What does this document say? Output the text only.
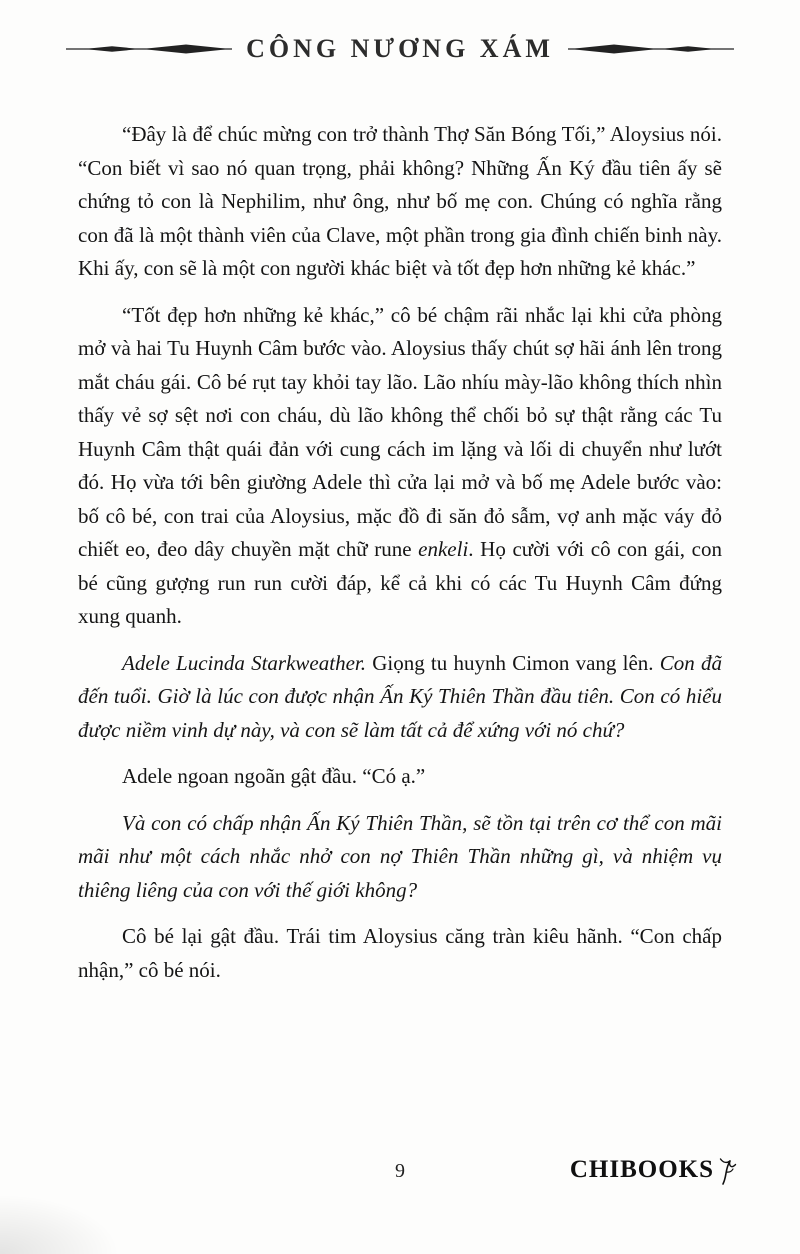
CÔNG NƯƠNG XÁM

“Đây là để chúc mừng con trở thành Thợ Săn Bóng Tối,” Aloysius nói. “Con biết vì sao nó quan trọng, phải không? Những Ấn Ký đầu tiên ấy sẽ chứng tỏ con là Nephilim, như ông, như bố mẹ con. Chúng có nghĩa rằng con đã là một thành viên của Clave, một phần trong gia đình chiến binh này. Khi ấy, con sẽ là một con người khác biệt và tốt đẹp hơn những kẻ khác.”

“Tốt đẹp hơn những kẻ khác,” cô bé chậm rãi nhắc lại khi cửa phòng mở và hai Tu Huynh Câm bước vào. Aloysius thấy chút sợ hãi ánh lên trong mắt cháu gái. Cô bé rụt tay khỏi tay lão. Lão nhíu mày-lão không thích nhìn thấy vẻ sợ sệt nơi con cháu, dù lão không thể chối bỏ sự thật rằng các Tu Huynh Câm thật quái đản với cung cách im lặng và lối di chuyển như lướt đó. Họ vừa tới bên giường Adele thì cửa lại mở và bố mẹ Adele bước vào: bố cô bé, con trai của Aloysius, mặc đồ đi săn đỏ sẫm, vợ anh mặc váy đỏ chiết eo, đeo dây chuyền mặt chữ rune enkeli. Họ cười với cô con gái, con bé cũng gượng run run cười đáp, kể cả khi có các Tu Huynh Câm đứng xung quanh.

Adele Lucinda Starkweather. Giọng tu huynh Cimon vang lên. Con đã đến tuổi. Giờ là lúc con được nhận Ấn Ký Thiên Thần đầu tiên. Con có hiểu được niềm vinh dự này, và con sẽ làm tất cả để xứng với nó chứ?

Adele ngoan ngoãn gật đầu. “Có ạ.”

Và con có chấp nhận Ấn Ký Thiên Thần, sẽ tồn tại trên cơ thể con mãi mãi như một cách nhắc nhở con nợ Thiên Thần những gì, và nhiệm vụ thiêng liêng của con với thế giới không?

Cô bé lại gật đầu. Trái tim Aloysius căng tràn kiêu hãnh. “Con chấp nhận,” cô bé nói.

9	CHIBOOKS
